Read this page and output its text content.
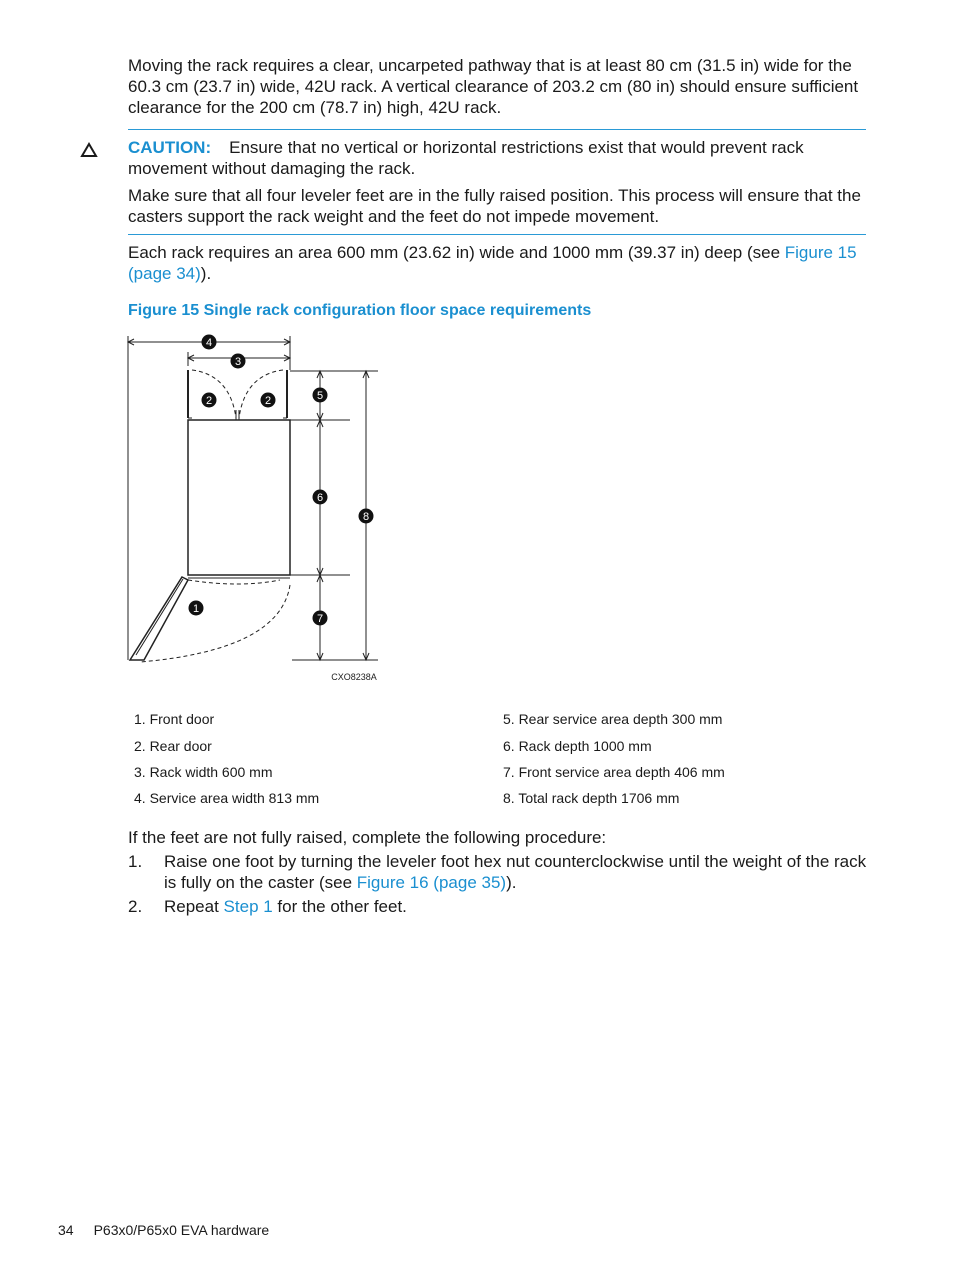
Moving the rack requires a clear, uncarpeted pathway that is at least 80 cm (31.5 in) wide for the 60.3 cm (23.7 in) wide, 42U rack. A vertical clearance of 203.2 cm (80 in) should ensure sufficient clearance for the 200 cm (78.7 in) high, 42U rack.

CAUTION: Ensure that no vertical or horizontal restrictions exist that would prevent rack movement without damaging the rack.

Make sure that all four leveler feet are in the fully raised position. This process will ensure that the casters support the rack weight and the feet do not impede movement.

Each rack requires an area 600 mm (23.62 in) wide and 1000 mm (39.37 in) deep (see Figure 15 (page 34)).

Figure 15 Single rack configuration floor space requirements
1
2	2
3
4
5
6
7
8
CXO8238A
1. Front door
2. Rear door
3. Rack width 600 mm
4. Service area width 813 mm
5. Rear service area depth 300 mm
6. Rack depth 1000 mm
7. Front service area depth 406 mm
8. Total rack depth 1706 mm

If the feet are not fully raised, complete the following procedure:

1. Raise one foot by turning the leveler foot hex nut counterclockwise until the weight of the rack is fully on the caster (see Figure 16 (page 35)).
2. Repeat Step 1 for the other feet.
34 P63x0/P65x0 EVA hardware
